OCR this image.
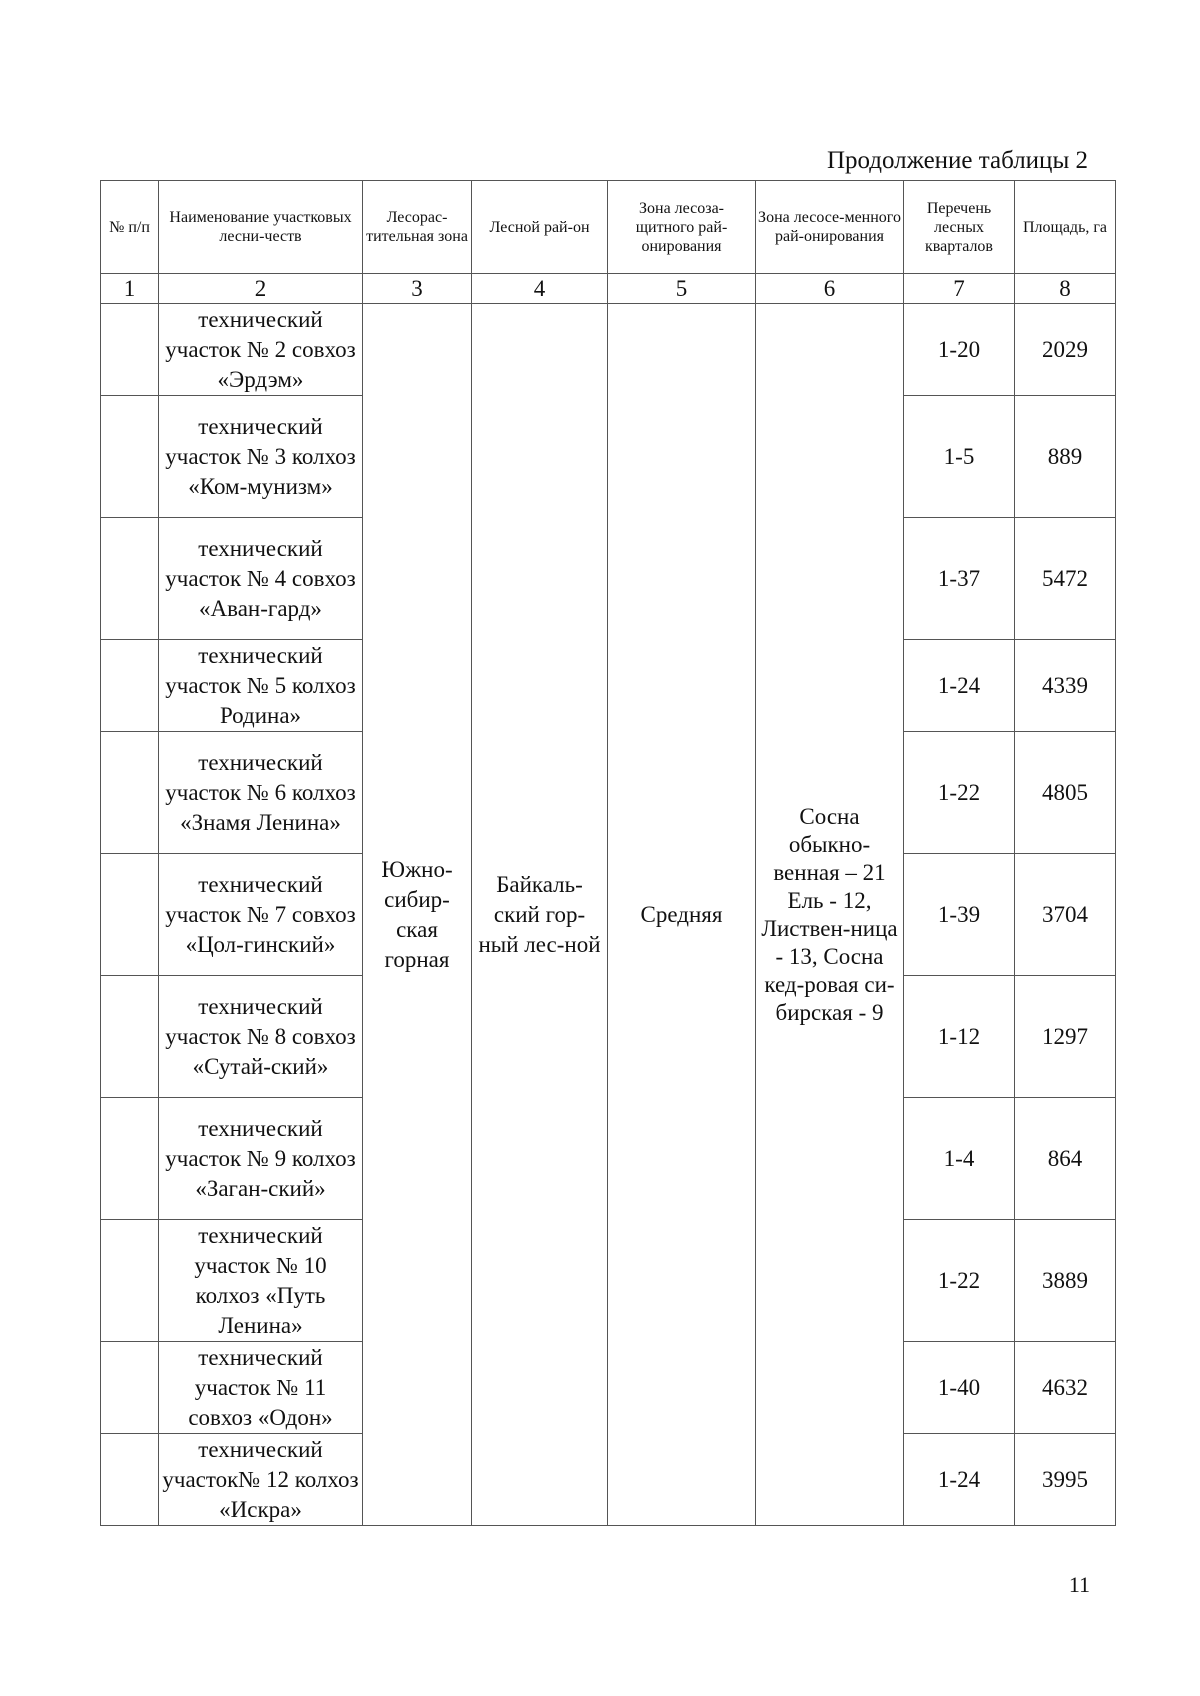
Продолжение таблицы 2
№ п/п	Наименование участковых лесни-честв	Лесорас-тительная зона	Лесной рай-он	Зона лесоза-щитного рай-онирования	Зона лесосе-менного рай-онирования	Перечень лесных кварталов	Площадь, га
1	2	3	4	5	6	7	8
	технический участок № 2 совхоз «Эрдэм»	Южно-сибир-ская горная	Байкаль-ский гор-ный лес-ной	Средняя	Сосна обыкно-венная – 21 Ель - 12, Листвен-ница - 13, Сосна кед-ровая си-бирская - 9	1-20	2029
	технический участок № 3 колхоз «Ком-мунизм»					1-5	889
	технический участок № 4 совхоз «Аван-гард»					1-37	5472
	технический участок № 5 колхоз Родина»					1-24	4339
	технический участок № 6 колхоз «Знамя Ленина»					1-22	4805
	технический участок № 7 совхоз «Цол-гинский»					1-39	3704
	технический участок № 8 совхоз «Сутай-ский»					1-12	1297
	технический участок № 9 колхоз «Заган-ский»					1-4	864
	технический участок № 10 колхоз «Путь Ленина»					1-22	3889
	технический участок № 11 совхоз «Одон»					1-40	4632
	технический участок№ 12 колхоз «Искра»					1-24	3995
11
